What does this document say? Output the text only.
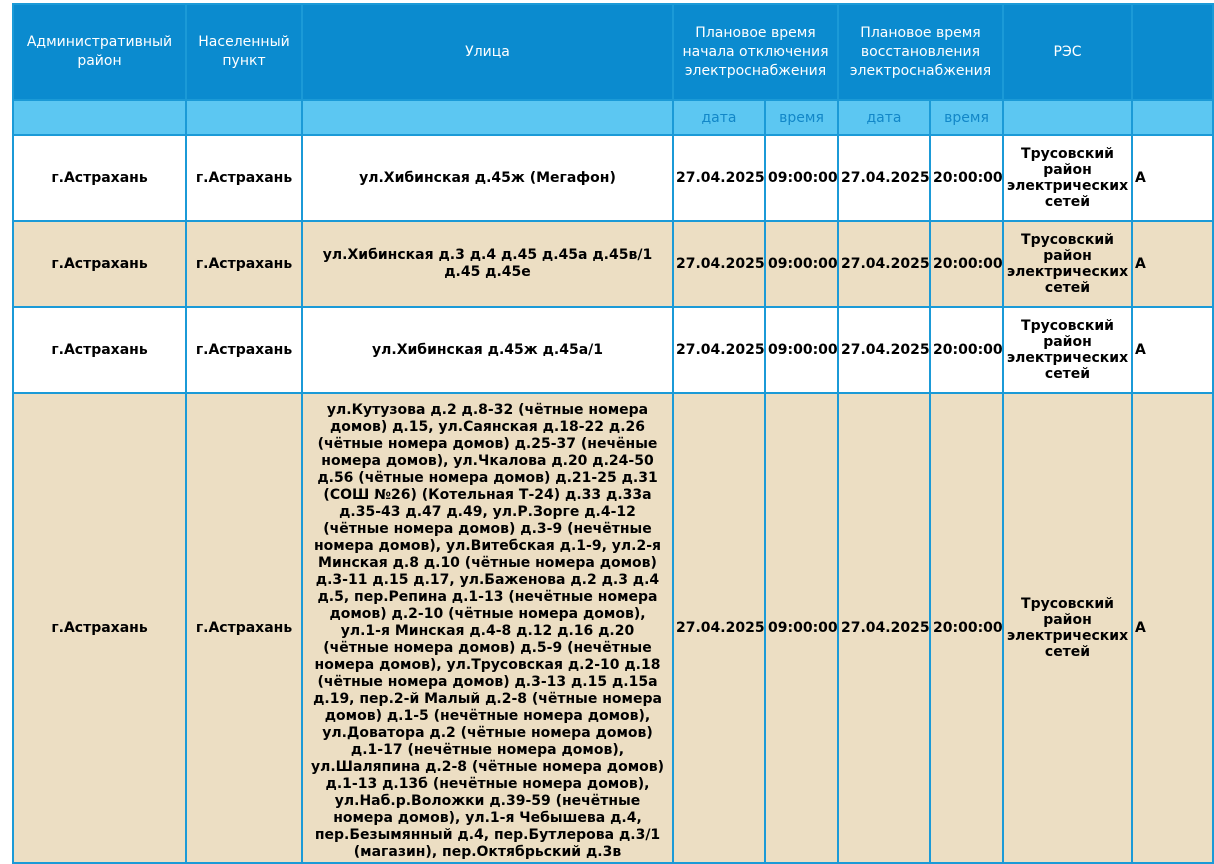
Административный район	Населенный пункт	Улица	Плановое время начала отключения электроснабжения		Плановое время восстановления электроснабжения		РЭС	
			дата	время	дата	время		
г.Астрахань	г.Астрахань	ул.Хибинская д.45ж (Мегафон)	27.04.2025	09:00:00	27.04.2025	20:00:00	Трусовский район электрических сетей	А
г.Астрахань	г.Астрахань	ул.Хибинская д.3 д.4 д.45 д.45а д.45в/1 д.45 д.45е	27.04.2025	09:00:00	27.04.2025	20:00:00	Трусовский район электрических сетей	А
г.Астрахань	г.Астрахань	ул.Хибинская д.45ж д.45а/1	27.04.2025	09:00:00	27.04.2025	20:00:00	Трусовский район электрических сетей	А
г.Астрахань	г.Астрахань	ул.Кутузова д.2 д.8-32 (чётные номера домов) д.15, ул.Саянская д.18-22 д.26 (чётные номера домов) д.25-37 (нечёные номера домов), ул.Чкалова д.20 д.24-50 д.56 (чётные номера домов) д.21-25 д.31 (СОШ №26) (Котельная Т-24) д.33 д.33а д.35-43 д.47 д.49, ул.Р.Зорге д.4-12 (чётные номера домов) д.3-9 (нечётные номера домов), ул.Витебская д.1-9, ул.2-я Минская д.8 д.10 (чётные номера домов) д.3-11 д.15 д.17, ул.Баженова д.2 д.3 д.4 д.5, пер.Репина д.1-13 (нечётные номера домов) д.2-10 (чётные номера домов), ул.1-я Минская д.4-8 д.12 д.16 д.20 (чётные номера домов) д.5-9 (нечётные номера домов), ул.Трусовская д.2-10 д.18 (чётные номера домов) д.3-13 д.15 д.15а д.19, пер.2-й Малый д.2-8 (чётные номера домов) д.1-5 (нечётные номера домов), ул.Доватора д.2 (чётные номера домов) д.1-17 (нечётные номера домов), ул.Шаляпина д.2-8 (чётные номера домов) д.1-13 д.13б (нечётные номера домов), ул.Наб.р.Воложки д.39-59 (нечётные номера домов), ул.1-я Чебышева д.4, пер.Безымянный д.4, пер.Бутлерова д.3/1 (магазин), пер.Октябрьский д.3в	27.04.2025	09:00:00	27.04.2025	20:00:00	Трусовский район электрических сетей	А
